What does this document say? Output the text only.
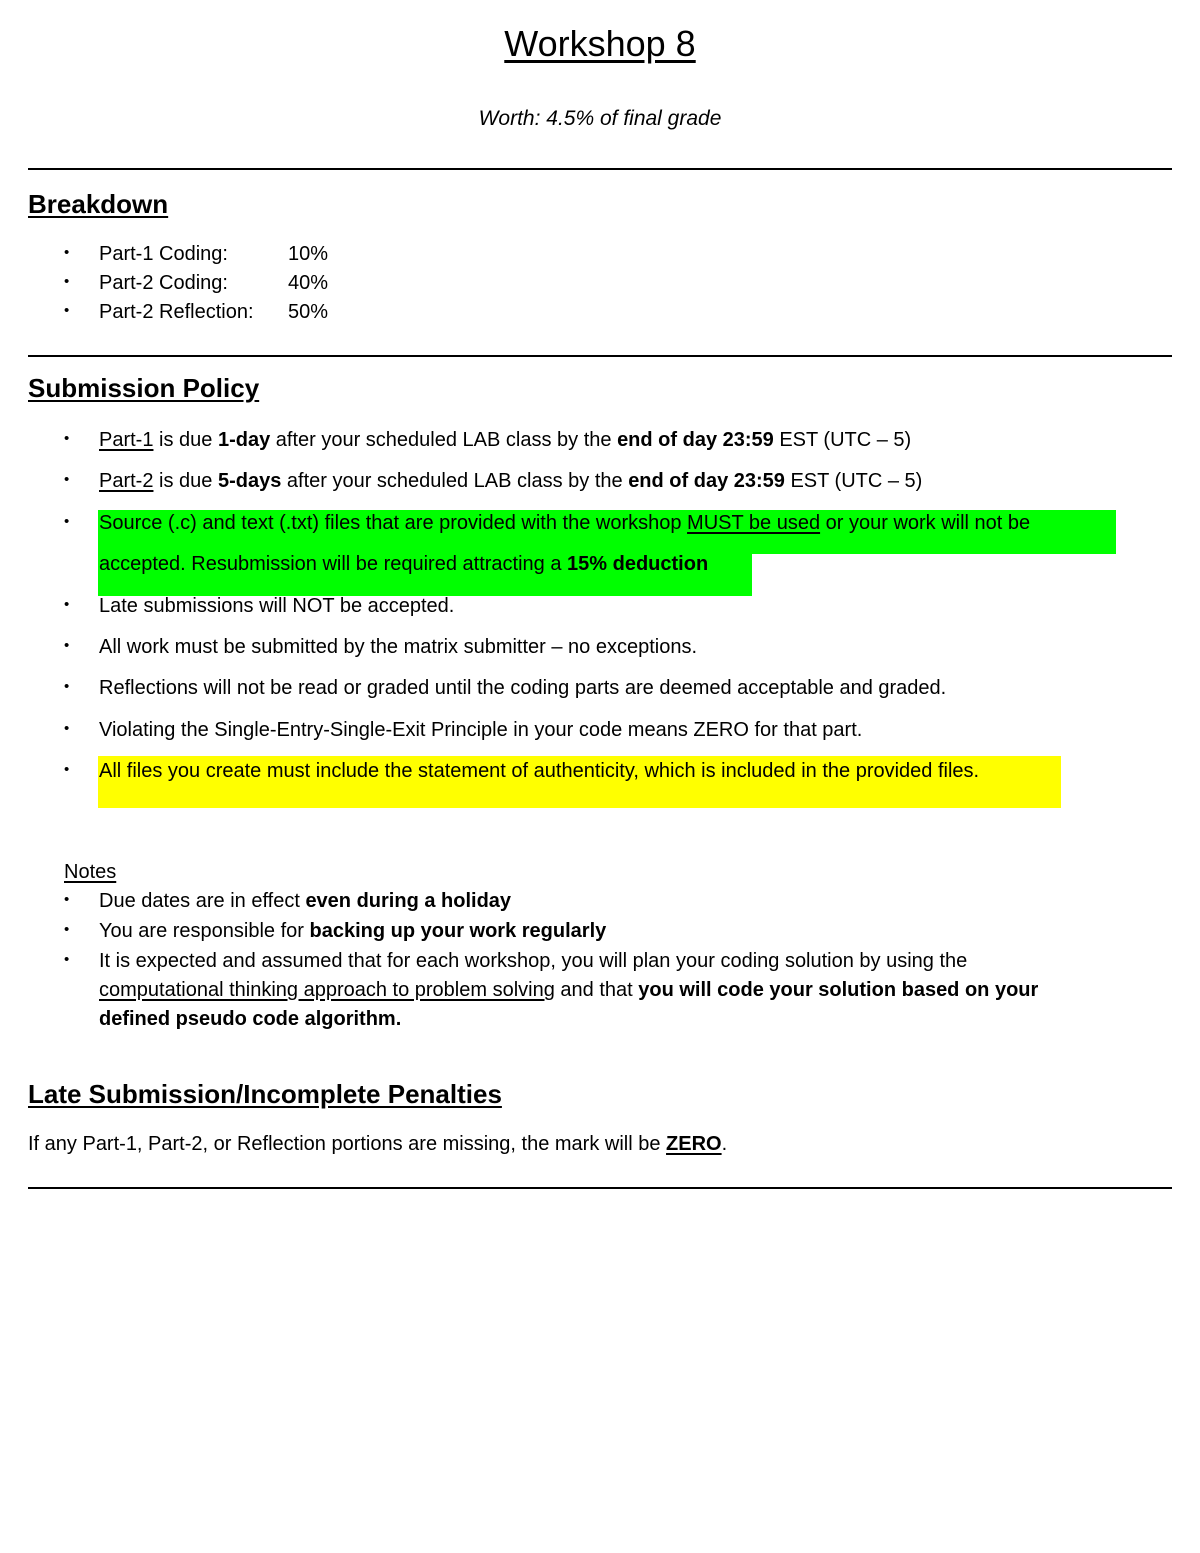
Workshop 8
Worth: 4.5% of final grade
Breakdown
• Part-1 Coding:	10%
• Part-2 Coding:	40%
• Part-2 Reflection: 50%
Submission Policy
• Part-1 is due 1-day after your scheduled LAB class by the end of day 23:59 EST (UTC – 5)
• Part-2 is due 5-days after your scheduled LAB class by the end of day 23:59 EST (UTC – 5)
• Source (.c) and text (.txt) files that are provided with the workshop MUST be used or your work will not be
accepted. Resubmission will be required attracting a 15% deduction
• Late submissions will NOT be accepted.
• All work must be submitted by the matrix submitter – no exceptions.
• Reflections will not be read or graded until the coding parts are deemed acceptable and graded.
• Violating the Single-Entry-Single-Exit Principle in your code means ZERO for that part.
• All files you create must include the statement of authenticity, which is included in the provided files.
Notes
• Due dates are in effect even during a holiday
• You are responsible for backing up your work regularly
• It is expected and assumed that for each workshop, you will plan your coding solution by using the
computational thinking approach to problem solving and that you will code your solution based on your
defined pseudo code algorithm.
Late Submission/Incomplete Penalties
If any Part-1, Part-2, or Reflection portions are missing, the mark will be ZERO.
